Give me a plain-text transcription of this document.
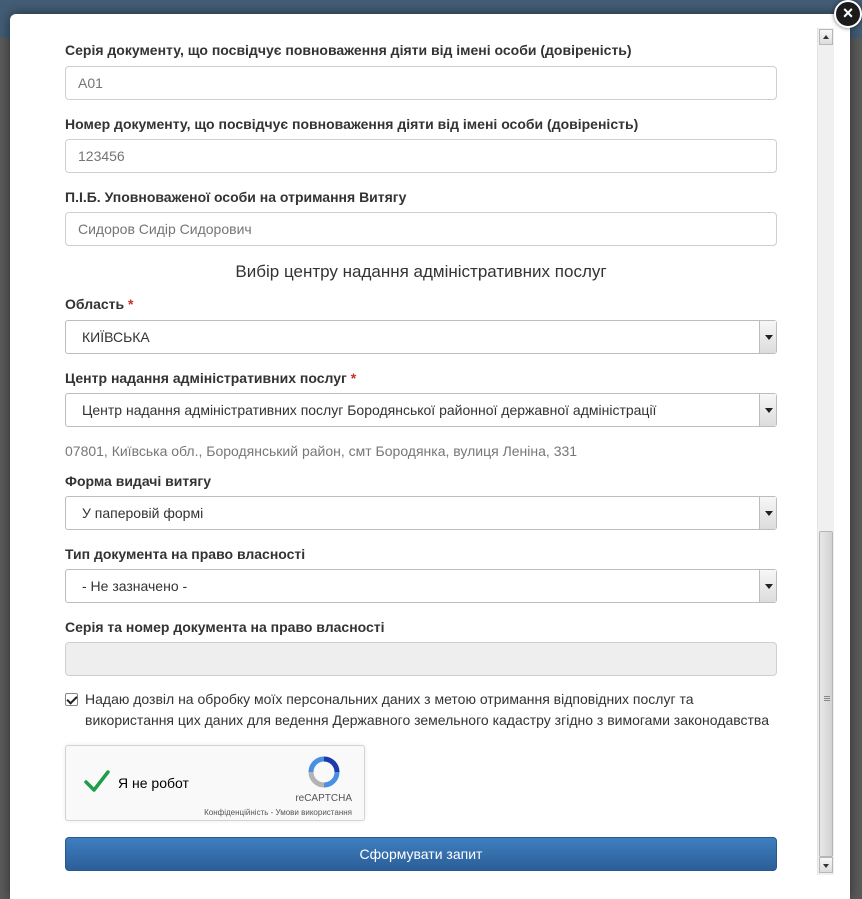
Серія документу, що посвідчує повноваження діяти від імені особи (довіреність)
А01
Номер документу, що посвідчує повноваження діяти від імені особи (довіреність)
123456
П.І.Б. Уповноваженої особи на отримання Витягу
Сидоров Сидір Сидорович
Вибір центру надання адміністративних послуг
Область *
КИЇВСЬКА
Центр надання адміністративних послуг *
Центр надання адміністративних послуг Бородянської районної державної адміністрації
07801, Київська обл., Бородянський район, смт Бородянка, вулиця Леніна, 331
Форма видачі витягу
У паперовій формі
Тип документа на право власності
- Не зазначено -
Серія та номер документа на право власності
Надаю дозвіл на обробку моїх персональних даних з метою отримання відповідних послуг та використання цих даних для ведення Державного земельного кадастру згідно з вимогами законодавства
Я не робот
reCAPTCHA
Конфіденційність - Умови використання
Сформувати запит
×
